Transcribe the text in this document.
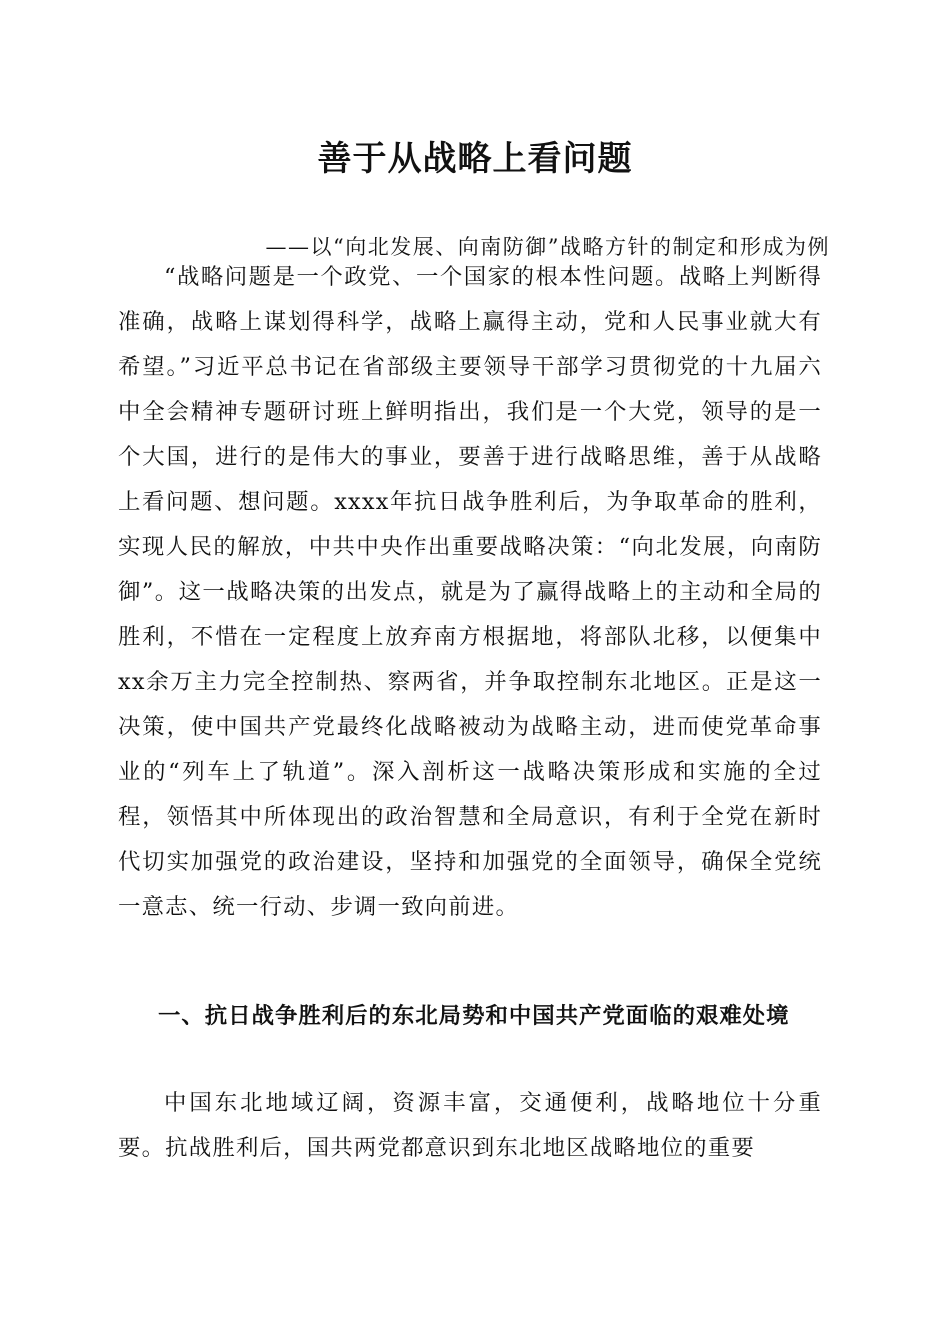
善于从战略上看问题

——以“向北发展、向南防御”战略方针的制定和形成为例

“战略问题是一个政党、一个国家的根本性问题。战略上判断得准确，战略上谋划得科学，战略上赢得主动，党和人民事业就大有希望。”习近平总书记在省部级主要领导干部学习贯彻党的十九届六中全会精神专题研讨班上鲜明指出，我们是一个大党，领导的是一个大国，进行的是伟大的事业，要善于进行战略思维，善于从战略上看问题、想问题。xxxx年抗日战争胜利后，为争取革命的胜利，实现人民的解放，中共中央作出重要战略决策：“向北发展，向南防御”。这一战略决策的出发点，就是为了赢得战略上的主动和全局的胜利，不惜在一定程度上放弃南方根据地，将部队北移，以便集中xx余万主力完全控制热、察两省，并争取控制东北地区。正是这一决策，使中国共产党最终化战略被动为战略主动，进而使党革命事业的“列车上了轨道”。深入剖析这一战略决策形成和实施的全过程，领悟其中所体现出的政治智慧和全局意识，有利于全党在新时代切实加强党的政治建设，坚持和加强党的全面领导，确保全党统一意志、统一行动、步调一致向前进。

一、抗日战争胜利后的东北局势和中国共产党面临的艰难处境

中国东北地域辽阔，资源丰富，交通便利，战略地位十分重要。抗战胜利后，国共两党都意识到东北地区战略地位的重要
